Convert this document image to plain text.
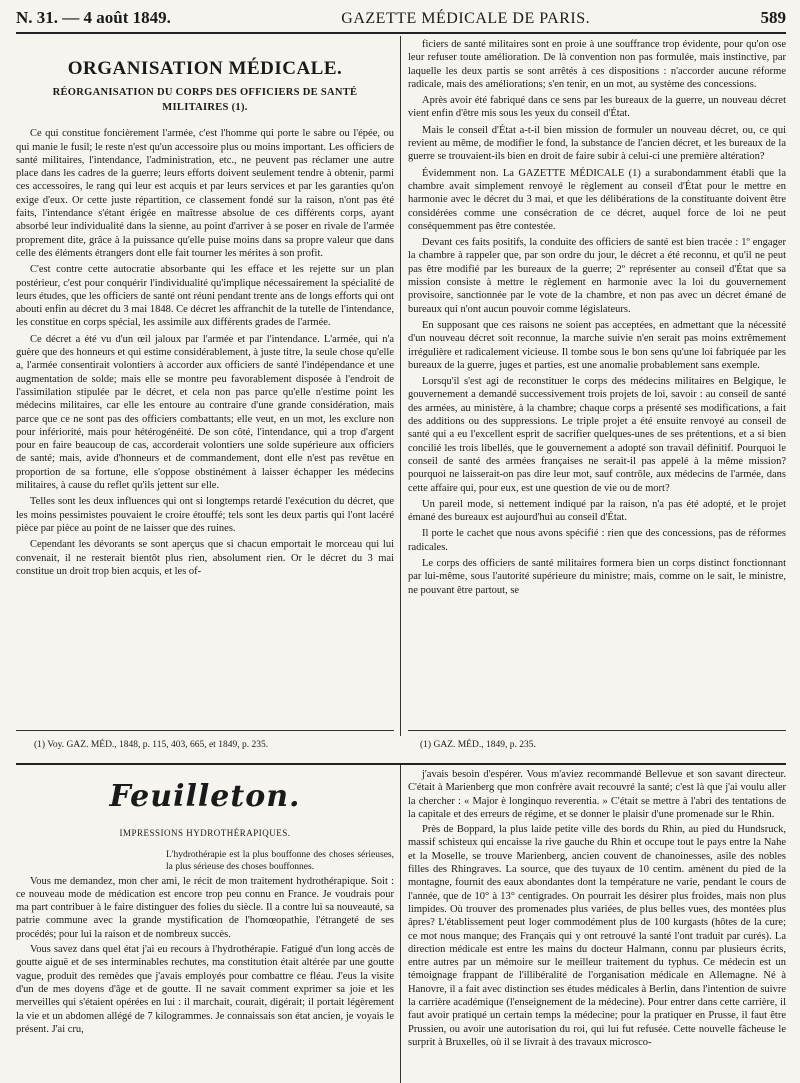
N. 31. — 4 août 1849.	GAZETTE MÉDICALE DE PARIS.	589
ORGANISATION MÉDICALE.
RÉORGANISATION DU CORPS DES OFFICIERS DE SANTÉ MILITAIRES (1).

Ce qui constitue foncièrement l'armée, c'est l'homme qui porte le sabre ou l'épée, ou qui manie le fusil; le reste n'est qu'un accessoire plus ou moins important. Les officiers de santé militaires, l'intendance, l'administration, etc., ne peuvent pas réclamer une autre place dans les cadres de la guerre; leurs efforts doivent seulement tendre à obtenir, parmi ces accessoires, le rang qui leur est acquis et par leurs services et par les garanties qu'on exige d'eux. Or cette juste répartition, ce classement fondé sur la raison, n'ont pas été faits, l'intendance s'étant érigée en maîtresse absolue de ces différents corps, ayant absorbé leur individualité dans la sienne, au point d'arriver à se poser en rivale de l'armée proprement dite, grâce à la puissance qu'elle puise moins dans sa propre valeur que dans celle des éléments étrangers dont elle fait tourner les mérites à son profit.

C'est contre cette autocratie absorbante qui les efface et les rejette sur un plan postérieur, c'est pour conquérir l'individualité qu'implique nécessairement la spécialité de leurs études, que les officiers de santé ont réuni pendant trente ans de longs efforts qui ont abouti enfin au décret du 3 mai 1848. Ce décret les affranchit de la tutelle de l'intendance, les constitue en corps spécial, les assimile aux différents grades de l'armée.

Ce décret a été vu d'un œil jaloux par l'armée et par l'intendance. L'armée, qui n'a guère que des honneurs et qui estime considérablement, à juste titre, la seule chose qu'elle a, l'armée consentirait volontiers à accorder aux officiers de santé l'indépendance et une augmentation de solde; mais elle se montre peu favorablement disposée à l'endroit de l'assimilation stipulée par le décret, et cela non pas parce qu'elle n'estime point les médecins militaires, car elle les entoure au contraire d'une grande considération, mais parce que ce ne sont pas des officiers combattants; elle veut, en un mot, les exclure non pour infériorité, mais pour hétérogénéité. De son côté, l'intendance, qui a trop d'argent pour en faire beaucoup de cas, accorderait volontiers une solde supérieure aux officiers de santé; mais, avide d'honneurs et de commandement, dont elle n'est pas revêtue en proportion de sa fortune, elle s'oppose obstinément à laisser échapper les médecins militaires, à cause du reflet qu'ils jettent sur elle.

Telles sont les deux influences qui ont si longtemps retardé l'exécution du décret, que les moins pessimistes pouvaient le croire étouffé; tels sont les deux partis qui l'ont lacéré pièce par pièce au point de ne laisser que des ruines.

Cependant les dévorants se sont aperçus que si chacun emportait le morceau qui lui convenait, il ne resterait bientôt plus rien, absolument rien. Or le décret du 3 mai constitue un droit trop bien acquis, et les of-

ficiers de santé militaires sont en proie à une souffrance trop évidente, pour qu'on ose leur refuser toute amélioration. De là convention non pas formulée, mais instinctive, par laquelle les deux partis se sont arrêtés à ces dispositions : n'accorder aucune réforme radicale, mais des améliorations; s'en tenir, en un mot, au système des concessions.

Après avoir été fabriqué dans ce sens par les bureaux de la guerre, un nouveau décret vient enfin d'être mis sous les yeux du conseil d'État.

Mais le conseil d'État a-t-il bien mission de formuler un nouveau décret, ou, ce qui revient au même, de modifier le fond, la substance de l'ancien décret, et les bureaux de la guerre se trouvaient-ils bien en droit de faire subir à celui-ci une première altération?

Évidemment non. La GAZETTE MÉDICALE (1) a surabondamment établi que la chambre avait simplement renvoyé le règlement au conseil d'État pour le mettre en harmonie avec le décret du 3 mai, et que les délibérations de la constituante doivent être considérées comme une consécration de ce décret, auquel force de loi ne peut conséquemment pas être contestée.

Devant ces faits positifs, la conduite des officiers de santé est bien tracée : 1º engager la chambre à rappeler que, par son ordre du jour, le décret a été reconnu, et qu'il ne peut pas être modifié par les bureaux de la guerre; 2º représenter au conseil d'État que sa mission consiste à mettre le règlement en harmonie avec la loi du gouvernement provisoire, sanctionnée par le vote de la chambre, et non pas avec un décret émané de bureaux qui n'ont aucun pouvoir comme législateurs.

En supposant que ces raisons ne soient pas acceptées, en admettant que la nécessité d'un nouveau décret soit reconnue, la marche suivie n'en serait pas moins extrêmement irrégulière et radicalement vicieuse. Il tombe sous le bon sens qu'une loi fabriquée par les bureaux de la guerre, juges et parties, est une anomalie probablement sans exemple.

Lorsqu'il s'est agi de reconstituer le corps des médecins militaires en Belgique, le gouvernement a demandé successivement trois projets de loi, savoir : au conseil de santé des armées, au ministère, à la chambre; chaque corps a présenté ses modifications, a fait des additions ou des suppressions. Le triple projet a été ensuite renvoyé au conseil de santé qui a eu l'excellent esprit de sacrifier quelques-unes de ses prétentions, et a si bien concilié les trois libellés, que le gouvernement a adopté son travail définitif. Pourquoi le conseil de santé des armées françaises ne serait-il pas appelé à la même mission? pourquoi ne laisserait-on pas dire leur mot, sauf contrôle, aux médecins de l'armée, dans cette affaire qui, pour eux, est une question de vie ou de mort?

Un pareil mode, si nettement indiqué par la raison, n'a pas été adopté, et le projet émané des bureaux est aujourd'hui au conseil d'État.

Il porte le cachet que nous avons spécifié : rien que des concessions, pas de réformes radicales.

Le corps des officiers de santé militaires formera bien un corps distinct fonctionnant par lui-même, sous l'autorité supérieure du ministre; mais, comme on le sait, le ministre, ne pouvant être partout, se

(1) Voy. GAZ. MÉD., 1848, p. 115, 403, 665, et 1849, p. 235.	(1) GAZ. MÉD., 1849, p. 235.
Feuilleton.
IMPRESSIONS HYDROTHÉRAPIQUES.

L'hydrothérapie est la plus bouffonne des choses sérieuses, la plus sérieuse des choses bouffonnes.

Vous me demandez, mon cher ami, le récit de mon traitement hydrothérapique. Soit : ce nouveau mode de médication est encore trop peu connu en France. Je voudrais pour ma part contribuer à le faire distinguer des folies du siècle. Il a contre lui sa nouveauté, sa patrie commune avec la grande mystification de l'homœopathie, l'étrangeté de ses procédés; pour lui la raison et de nombreux succès.

Vous savez dans quel état j'ai eu recours à l'hydrothérapie. Fatigué d'un long accès de goutte aiguë et de ses interminables rechutes, ma constitution était altérée par une goutte vague, produit des remèdes que j'avais employés pour combattre ce fléau. J'eus la visite d'un de mes doyens d'âge et de goutte. Il ne savait comment exprimer sa joie et les merveilles qui s'étaient opérées en lui : il marchait, courait, digérait; il portait légèrement la vie et un abdomen allégé de 7 kilogrammes. Je connaissais son état ancien, je voyais le présent. J'ai cru,

j'avais besoin d'espérer. Vous m'aviez recommandé Bellevue et son savant directeur. C'était à Marienberg que mon confrère avait recouvré la santé; c'est là que j'ai voulu aller la chercher : « Major è longinquo reverentia. » C'était se mettre à l'abri des tentations de la capitale et des erreurs de régime, et se donner le plaisir d'une promenade sur le Rhin.

Près de Boppard, la plus laide petite ville des bords du Rhin, au pied du Hundsruck, massif schisteux qui encaisse la rive gauche du Rhin et occupe tout le pays entre la Nahe et la Moselle, se trouve Marienberg, ancien couvent de chanoinesses, asile des nobles filles des Rhingraves. La source, que des tuyaux de 10 centim. amènent du pied de la montagne, fournit des eaux abondantes dont la température ne varie, pendant le cours de l'année, que de 10° à 13° centigrades. On pourrait les désirer plus froides, mais non plus limpides. Où trouver des promenades plus variées, de plus belles vues, des montées plus âpres? L'établissement peut loger commodément plus de 100 kurgasts (hôtes de la cure; ce mot nous manque; des Français qui y ont retrouvé la santé l'ont traduit par curés). La direction médicale est entre les mains du docteur Halmann, connu par plusieurs écrits, entre autres par un mémoire sur le meilleur traitement du typhus. Ce médecin est un témoignage frappant de l'illibéralité de l'organisation médicale en Allemagne. Né à Hanovre, il a fait avec distinction ses études médicales à Berlin, dans l'intention de suivre la carrière académique (l'enseignement de la médecine). Pour entrer dans cette carrière, il faut avoir pratiqué un certain temps la médecine; pour la pratiquer en Prusse, il faut être Prussien, ou avoir une autorisation du roi, qui lui fut refusée. Cette nouvelle fâcheuse le surprit à Bruxelles, où il se livrait à des travaux microsco-
